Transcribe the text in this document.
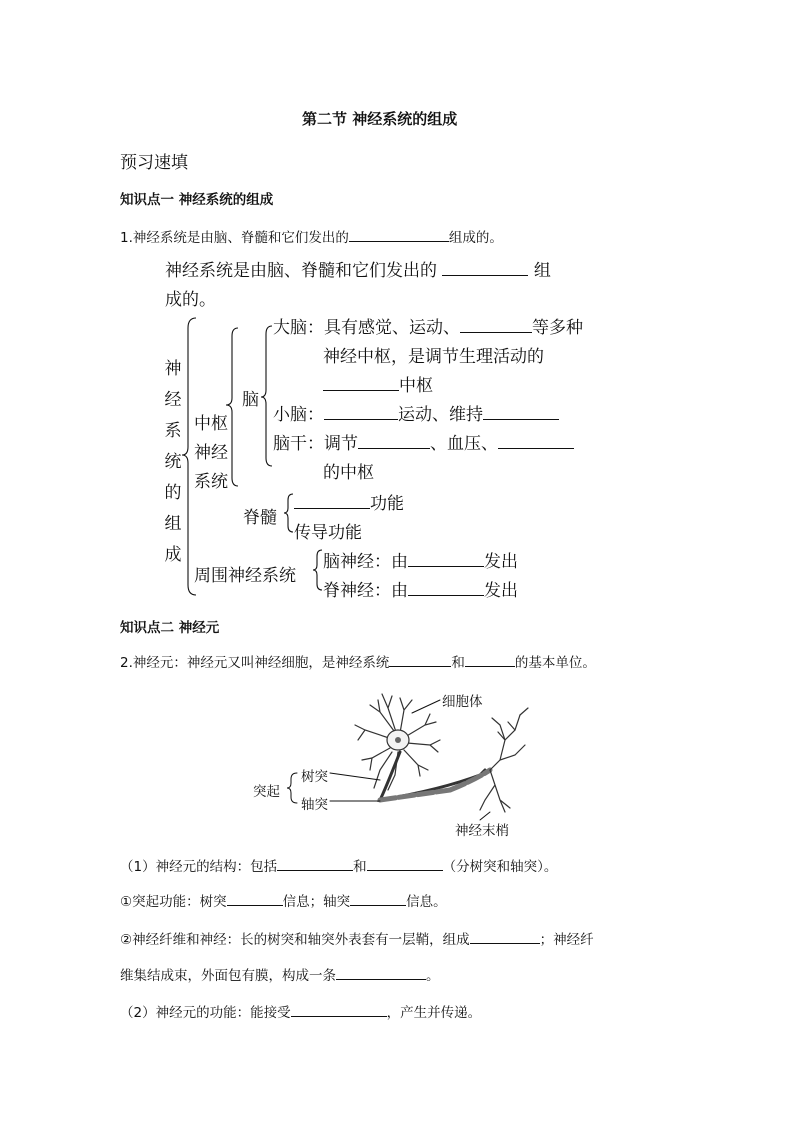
第二节 神经系统的组成
预习速填
知识点一 神经系统的组成
1.神经系统是由脑、脊髓和它们发出的	组成的。
神经系统是由脑、脊髓和它们发出的	组
成的。
神
经
系
统
的
组
成
中枢
神经
系统
脑
大脑：具有感觉、运动、	等多种
神经中枢，是调节生理活动的
中枢
小脑：	运动、维持
脑干：调节	、血压、
的中枢
脊髓
功能
传导功能
周围神经系统
脑神经：由	发出
脊神经：由	发出
知识点二 神经元
2.神经元：神经元又叫神经细胞，是神经系统	和	的基本单位。
细胞体
突起
树突
轴突
神经末梢
（1）神经元的结构：包括	和	（分树突和轴突）。
①突起功能：树突	信息；轴突	信息。
②神经纤维和神经：长的树突和轴突外表套有一层鞘，组成	；神经纤
维集结成束，外面包有膜，构成一条	。
（2）神经元的功能：能接受	，产生并传递。
